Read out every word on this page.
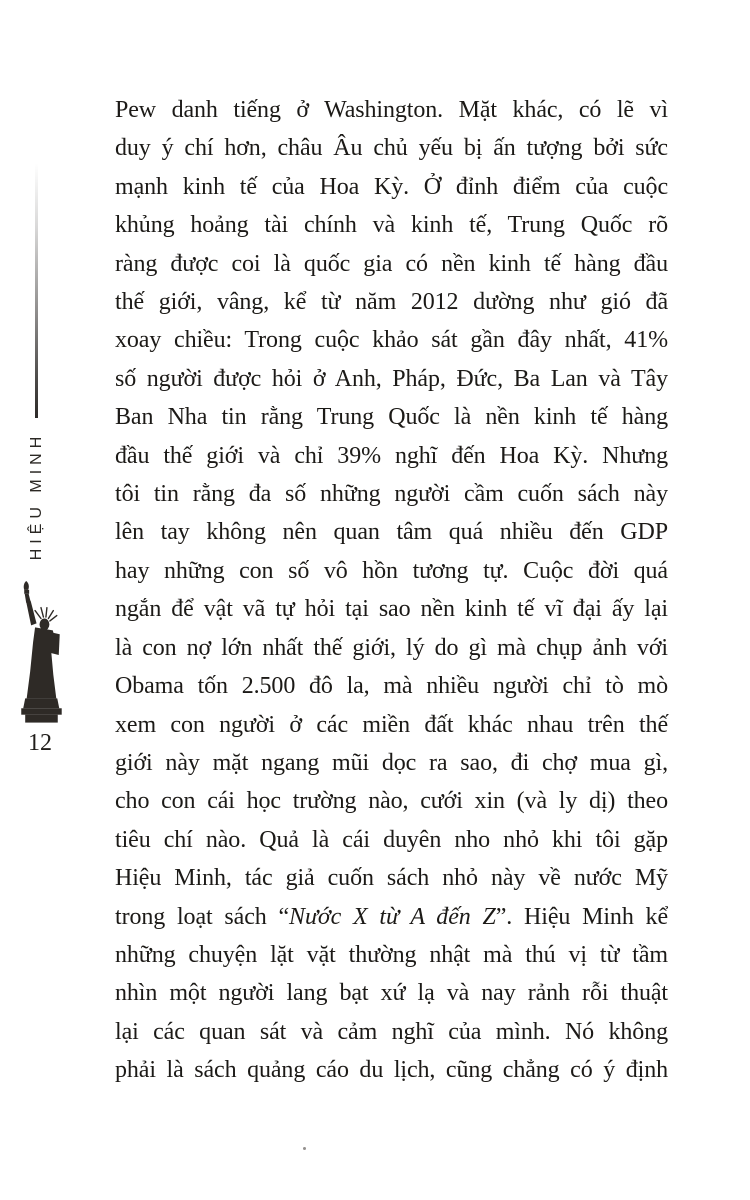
HIỆU MINH
12
Pew danh tiếng ở Washington. Mặt khác, có lẽ vì
duy ý chí hơn, châu Âu chủ yếu bị ấn tượng bởi sức
mạnh kinh tế của Hoa Kỳ. Ở đỉnh điểm của cuộc
khủng hoảng tài chính và kinh tế, Trung Quốc rõ
ràng được coi là quốc gia có nền kinh tế hàng đầu
thế giới, vâng, kể từ năm 2012 dường như gió đã
xoay chiều: Trong cuộc khảo sát gần đây nhất, 41%
số người được hỏi ở Anh, Pháp, Đức, Ba Lan và Tây
Ban Nha tin rằng Trung Quốc là nền kinh tế hàng
đầu thế giới và chỉ 39% nghĩ đến Hoa Kỳ. Nhưng
tôi tin rằng đa số những người cầm cuốn sách này
lên tay không nên quan tâm quá nhiều đến GDP
hay những con số vô hồn tương tự. Cuộc đời quá
ngắn để vật vã tự hỏi tại sao nền kinh tế vĩ đại ấy lại
là con nợ lớn nhất thế giới, lý do gì mà chụp ảnh với
Obama tốn 2.500 đô la, mà nhiều người chỉ tò mò
xem con người ở các miền đất khác nhau trên thế
giới này mặt ngang mũi dọc ra sao, đi chợ mua gì,
cho con cái học trường nào, cưới xin (và ly dị) theo
tiêu chí nào. Quả là cái duyên nho nhỏ khi tôi gặp
Hiệu Minh, tác giả cuốn sách nhỏ này về nước Mỹ
trong loạt sách “Nước X từ A đến Z”. Hiệu Minh kể
những chuyện lặt vặt thường nhật mà thú vị từ tầm
nhìn một người lang bạt xứ lạ và nay rảnh rỗi thuật
lại các quan sát và cảm nghĩ của mình. Nó không
phải là sách quảng cáo du lịch, cũng chẳng có ý định
